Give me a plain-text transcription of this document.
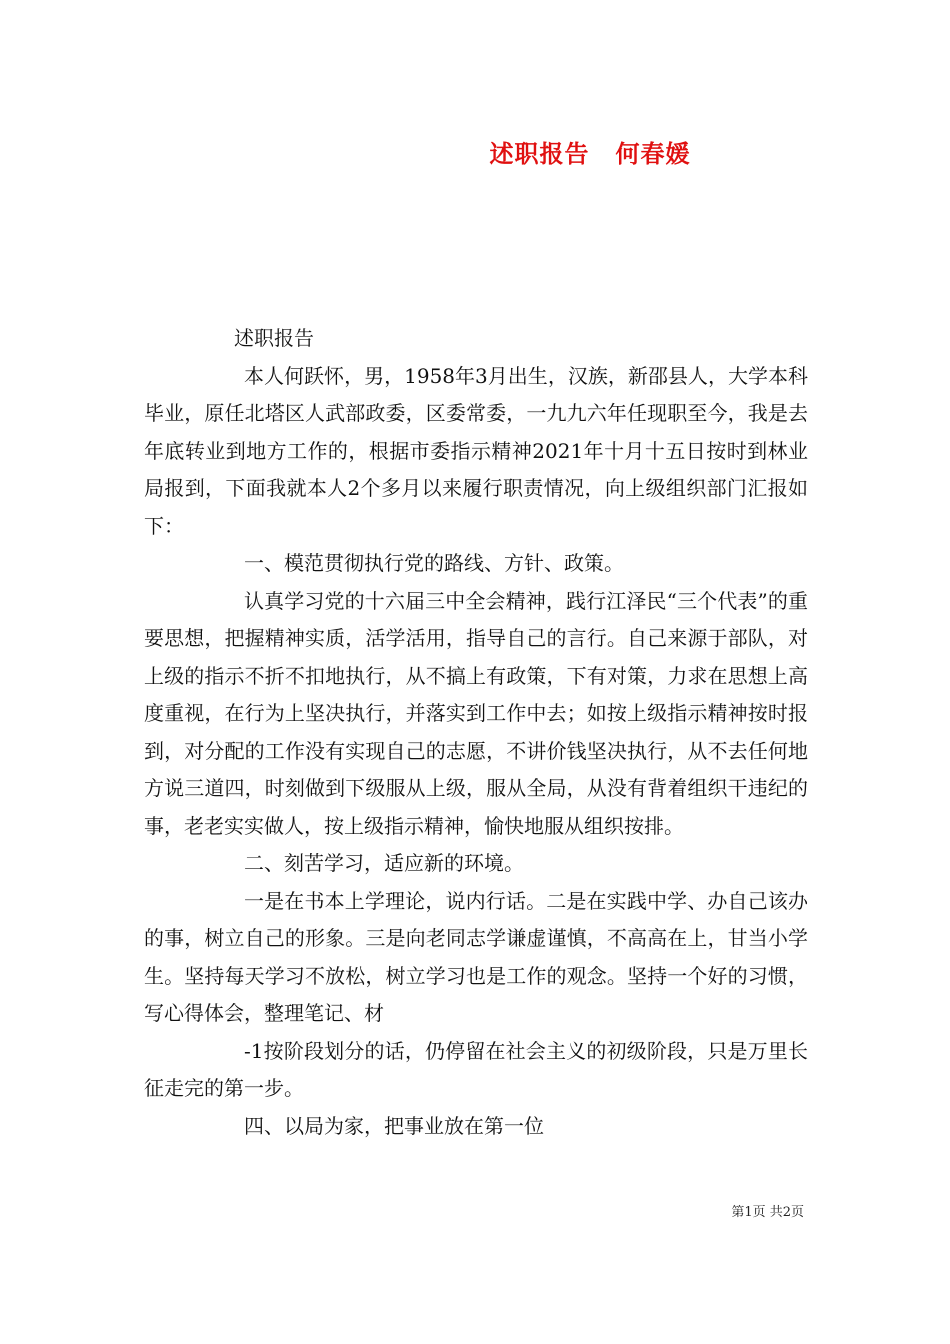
述职报告 何春媛

述职报告

本人何跃怀，男，1958年3月出生，汉族，新邵县人，大学本科毕业，原任北塔区人武部政委，区委常委，一九九六年任现职至今，我是去年底转业到地方工作的，根据市委指示精神2021年十月十五日按时到林业局报到，下面我就本人2个多月以来履行职责情况，向上级组织部门汇报如下：

一、模范贯彻执行党的路线、方针、政策。

认真学习党的十六届三中全会精神，践行江泽民“三个代表”的重要思想，把握精神实质，活学活用，指导自己的言行。自己来源于部队，对上级的指示不折不扣地执行，从不搞上有政策，下有对策，力求在思想上高度重视，在行为上坚决执行，并落实到工作中去；如按上级指示精神按时报到，对分配的工作没有实现自己的志愿，不讲价钱坚决执行，从不去任何地方说三道四，时刻做到下级服从上级，服从全局，从没有背着组织干违纪的事，老老实实做人，按上级指示精神，愉快地服从组织按排。

二、刻苦学习，适应新的环境。

一是在书本上学理论，说内行话。二是在实践中学、办自己该办的事，树立自己的形象。三是向老同志学谦虚谨慎，不高高在上，甘当小学生。坚持每天学习不放松，树立学习也是工作的观念。坚持一个好的习惯，写心得体会，整理笔记、材

-1按阶段划分的话，仍停留在社会主义的初级阶段，只是万里长征走完的第一步。

四、以局为家，把事业放在第一位

第1页 共2页
